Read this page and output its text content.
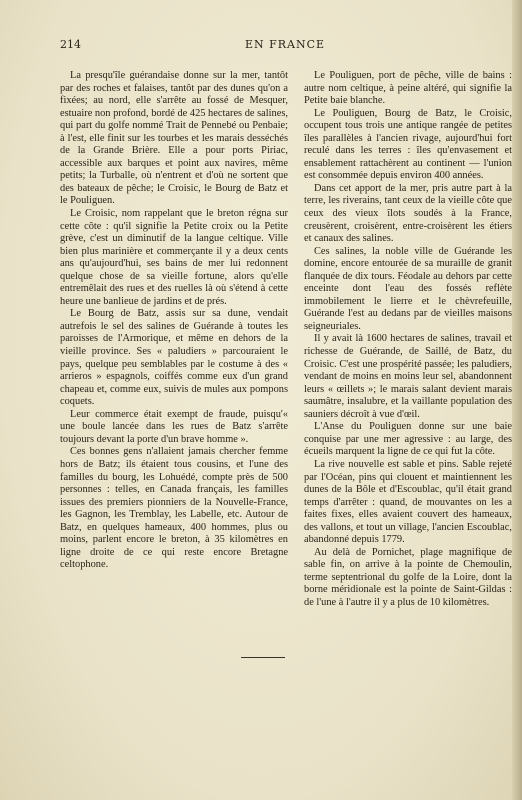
214	EN FRANCE

La presqu'île guérandaise donne sur la mer, tantôt par des roches et falaises, tantôt par des dunes qu'on a fixées; au nord, elle s'arrête au fossé de Mesquer, estuaire non profond, bordé de 425 hectares de salines, qui part du golfe nommé Trait de Pennebé ou Penbaie; à l'est, elle finit sur les tourbes et les marais desséchés de la Grande Brière. Elle a pour ports Piriac, accessible aux barques et point aux navires, même petits; la Turballe, où n'entrent et d'où ne sortent que des bateaux de pêche; le Croisic, le Bourg de Batz et le Pouliguen.

Le Croisic, nom rappelant que le breton régna sur cette côte : qu'il signifie la Petite croix ou la Petite grève, c'est un diminutif de la langue celtique. Ville bien plus marinière et commerçante il y a deux cents ans qu'aujourd'hui, ses bains de mer lui redonnent quelque chose de sa vieille fortune, alors qu'elle entremêlait des rues et des ruelles là où s'étend à cette heure une banlieue de jardins et de prés.

Le Bourg de Batz, assis sur sa dune, vendait autrefois le sel des salines de Guérande à toutes les paroisses de l'Armorique, et même en dehors de la vieille province. Ses « paludiers » parcouraient le pays, quelque peu semblables par le costume à des « arrieros » espagnols, coiffés comme eux d'un grand chapeau et, comme eux, suivis de mules aux pompons coquets.

Leur commerce était exempt de fraude, puisqu'« une boule lancée dans les rues de Batz s'arrête toujours devant la porte d'un brave homme ».

Ces bonnes gens n'allaient jamais chercher femme hors de Batz; ils étaient tous cousins, et l'une des familles du bourg, les Lohuédé, compte près de 500 personnes : telles, en Canada français, les familles issues des premiers pionniers de la Nouvelle-France, les Gagnon, les Tremblay, les Labelle, etc. Autour de Batz, en quelques hameaux, 400 hommes, plus ou moins, parlent encore le breton, à 35 kilomètres en ligne droite de ce qui reste encore Bretagne celtophone.

Le Pouliguen, port de pêche, ville de bains : autre nom celtique, à peine altéré, qui signifie la Petite baie blanche.

Le Pouliguen, Bourg de Batz, le Croisic, occupent tous trois une antique rangée de petites îles parallèles à l'ancien rivage, aujourd'hui fort reculé dans les terres : îles qu'envasement et ensablement rattachèrent au continent — l'union est consommée depuis environ 400 années.

Dans cet apport de la mer, pris autre part à la terre, les riverains, tant ceux de la vieille côte que ceux des vieux îlots soudés à la France, creusèrent, croisèrent, entre-croisèrent les étiers et canaux des salines.

Ces salines, la noble ville de Guérande les domine, encore entourée de sa muraille de granit flanquée de dix tours. Féodale au dehors par cette enceinte dont l'eau des fossés reflète immobilement le lierre et le chèvrefeuille, Guérande l'est au dedans par de vieilles maisons seigneuriales.

Il y avait là 1600 hectares de salines, travail et richesse de Guérande, de Saillé, de Batz, du Croisic. C'est une prospérité passée; les paludiers, vendant de moins en moins leur sel, abandonnent leurs « œillets »; le marais salant devient marais saumâtre, insalubre, et la vaillante population des sauniers décroît à vue d'œil.

L'Anse du Pouliguen donne sur une baie conquise par une mer agressive : au large, des écueils marquent la ligne de ce qui fut la côte.

La rive nouvelle est sable et pins. Sable rejeté par l'Océan, pins qui clouent et maintiennent les dunes de la Bôle et d'Escoublac, qu'il était grand temps d'arrêter : quand, de mouvantes on les a faites fixes, elles avaient couvert des hameaux, des vallons, et tout un village, l'ancien Escoublac, abandonné depuis 1779.

Au delà de Pornichet, plage magnifique de sable fin, on arrive à la pointe de Chemoulin, terme septentrional du golfe de la Loire, dont la borne méridionale est la pointe de Saint-Gildas : de l'une à l'autre il y a plus de 10 kilomètres.
